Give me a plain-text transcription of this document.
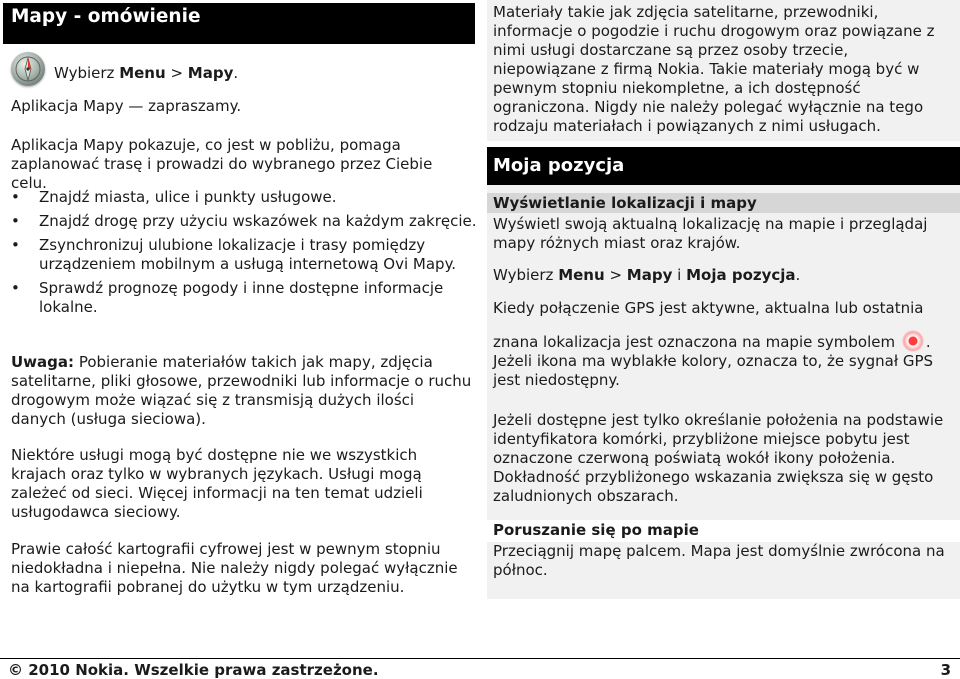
Mapy - omówienie
Wybierz Menu > Mapy.

Aplikacja Mapy — zapraszamy.

Aplikacja Mapy pokazuje, co jest w pobliżu, pomaga zaplanować trasę i prowadzi do wybranego przez Ciebie celu.

• Znajdź miasta, ulice i punkty usługowe.
• Znajdź drogę przy użyciu wskazówek na każdym zakręcie.
• Zsynchronizuj ulubione lokalizacje i trasy pomiędzy urządzeniem mobilnym a usługą internetową Ovi Mapy.
• Sprawdź prognozę pogody i inne dostępne informacje lokalne.

Uwaga: Pobieranie materiałów takich jak mapy, zdjęcia satelitarne, pliki głosowe, przewodniki lub informacje o ruchu drogowym może wiązać się z transmisją dużych ilości danych (usługa sieciowa).

Niektóre usługi mogą być dostępne nie we wszystkich krajach oraz tylko w wybranych językach. Usługi mogą zależeć od sieci. Więcej informacji na ten temat udzieli usługodawca sieciowy.

Prawie całość kartografii cyfrowej jest w pewnym stopniu niedokładna i niepełna. Nie należy nigdy polegać wyłącznie na kartografii pobranej do użytku w tym urządzeniu.

Materiały takie jak zdjęcia satelitarne, przewodniki, informacje o pogodzie i ruchu drogowym oraz powiązane z nimi usługi dostarczane są przez osoby trzecie, niepowiązane z firmą Nokia. Takie materiały mogą być w pewnym stopniu niekompletne, a ich dostępność ograniczona. Nigdy nie należy polegać wyłącznie na tego rodzaju materiałach i powiązanych z nimi usługach.

Moja pozycja
Wyświetlanie lokalizacji i mapy

Wyświetl swoją aktualną lokalizację na mapie i przeglądaj mapy różnych miast oraz krajów.

Wybierz Menu > Mapy i Moja pozycja.

Kiedy połączenie GPS jest aktywne, aktualna lub ostatnia

znana lokalizacja jest oznaczona na mapie symbolem . Jeżeli ikona ma wyblakłe kolory, oznacza to, że sygnał GPS jest niedostępny.

Jeżeli dostępne jest tylko określanie położenia na podstawie identyfikatora komórki, przybliżone miejsce pobytu jest oznaczone czerwoną poświatą wokół ikony położenia. Dokładność przybliżonego wskazania zwiększa się w gęsto zaludnionych obszarach.

Poruszanie się po mapie

Przeciągnij mapę palcem. Mapa jest domyślnie zwrócona na północ.

© 2010 Nokia. Wszelkie prawa zastrzeżone.	3
